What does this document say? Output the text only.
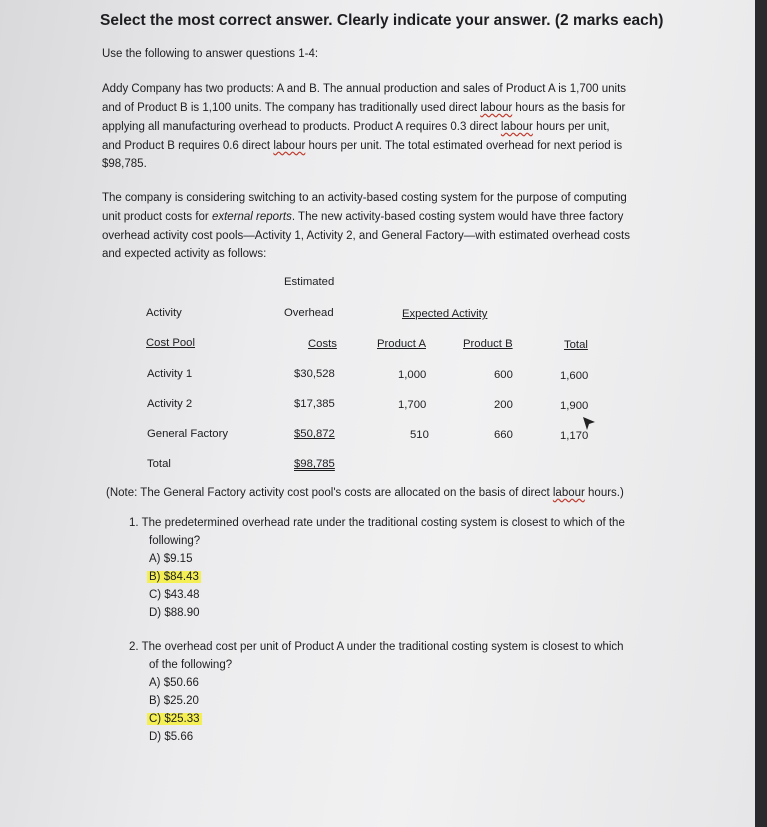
Select the most correct answer. Clearly indicate your answer. (2 marks each)
Use the following to answer questions 1-4:
Addy Company has two products: A and B. The annual production and sales of Product A is 1,700 units
and of Product B is 1,100 units. The company has traditionally used direct labour hours as the basis for
applying all manufacturing overhead to products. Product A requires 0.3 direct labour hours per unit,
and Product B requires 0.6 direct labour hours per unit. The total estimated overhead for next period is
$98,785.
The company is considering switching to an activity-based costing system for the purpose of computing
unit product costs for external reports. The new activity-based costing system would have three factory
overhead activity cost pools—Activity 1, Activity 2, and General Factory—with estimated overhead costs
and expected activity as follows:
Estimated
Activity	Overhead	Expected Activity
Cost Pool	Costs	Product A	Product B	Total
Activity 1	$30,528	1,000	600	1,600
Activity 2	$17,385	1,700	200	1,900
General Factory	$50,872	510	660	1,170
Total	$98,785
(Note: The General Factory activity cost pool's costs are allocated on the basis of direct labour hours.)
1. The predetermined overhead rate under the traditional costing system is closest to which of the
following?
A) $9.15
B) $84.43
C) $43.48
D) $88.90
2. The overhead cost per unit of Product A under the traditional costing system is closest to which
of the following?
A) $50.66
B) $25.20
C) $25.33
D) $5.66
